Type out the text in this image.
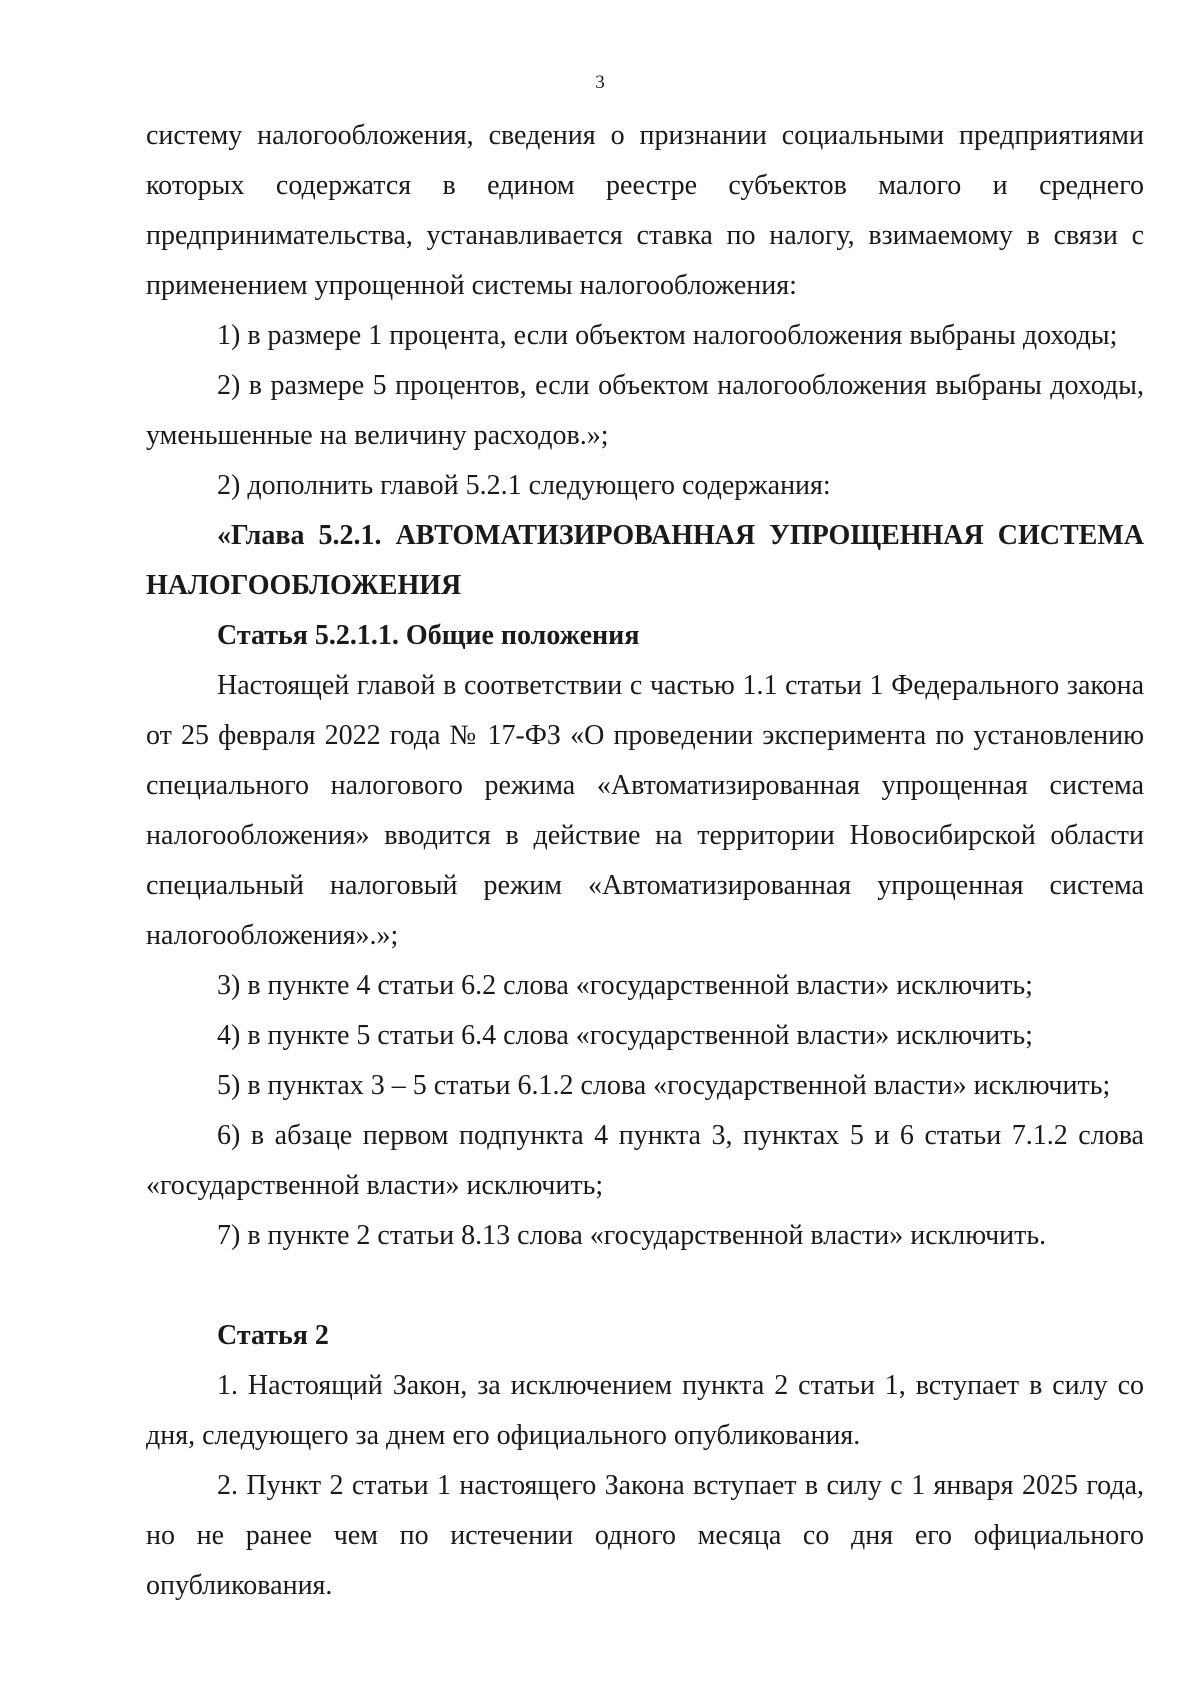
3

систему налогообложения, сведения о признании социальными предприятиями которых содержатся в едином реестре субъектов малого и среднего предпринимательства, устанавливается ставка по налогу, взимаемому в связи с применением упрощенной системы налогообложения:

1) в размере 1 процента, если объектом налогообложения выбраны доходы;

2) в размере 5 процентов, если объектом налогообложения выбраны доходы, уменьшенные на величину расходов.»;

2) дополнить главой 5.2.1 следующего содержания:

«Глава 5.2.1. АВТОМАТИЗИРОВАННАЯ УПРОЩЕННАЯ СИСТЕМА НАЛОГООБЛОЖЕНИЯ

Статья 5.2.1.1. Общие положения

Настоящей главой в соответствии с частью 1.1 статьи 1 Федерального закона от 25 февраля 2022 года № 17-ФЗ «О проведении эксперимента по установлению специального налогового режима «Автоматизированная упрощенная система налогообложения» вводится в действие на территории Новосибирской области специальный налоговый режим «Автоматизированная упрощенная система налогообложения».»;

3) в пункте 4 статьи 6.2 слова «государственной власти» исключить;

4) в пункте 5 статьи 6.4 слова «государственной власти» исключить;

5) в пунктах 3 – 5 статьи 6.1.2 слова «государственной власти» исключить;

6) в абзаце первом подпункта 4 пункта 3, пунктах 5 и 6 статьи 7.1.2 слова «государственной власти» исключить;

7) в пункте 2 статьи 8.13 слова «государственной власти» исключить.

Статья 2

1. Настоящий Закон, за исключением пункта 2 статьи 1, вступает в силу со дня, следующего за днем его официального опубликования.

2. Пункт 2 статьи 1 настоящего Закона вступает в силу с 1 января 2025 года, но не ранее чем по истечении одного месяца со дня его официального опубликования.
